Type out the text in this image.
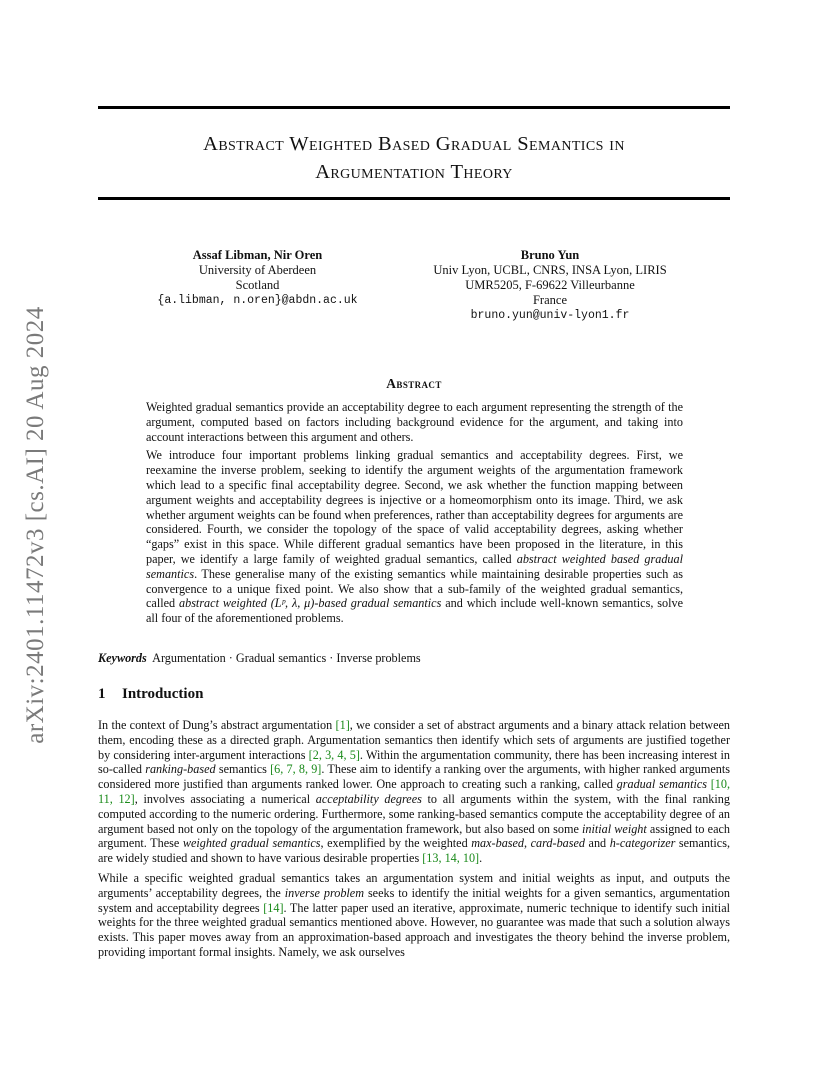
arXiv:2401.11472v3 [cs.AI] 20 Aug 2024
Abstract Weighted Based Gradual Semantics in
Argumentation Theory
Assaf Libman, Nir Oren
University of Aberdeen
Scotland
{a.libman, n.oren}@abdn.ac.uk
Bruno Yun
Univ Lyon, UCBL, CNRS, INSA Lyon, LIRIS
UMR5205, F-69622 Villeurbanne
France
bruno.yun@univ-lyon1.fr
Abstract

Weighted gradual semantics provide an acceptability degree to each argument representing the strength of the argument, computed based on factors including background evidence for the argument, and taking into account interactions between this argument and others.

We introduce four important problems linking gradual semantics and acceptability degrees. First, we reexamine the inverse problem, seeking to identify the argument weights of the argumentation framework which lead to a specific final acceptability degree. Second, we ask whether the function mapping between argument weights and acceptability degrees is injective or a homeomorphism onto its image. Third, we ask whether argument weights can be found when preferences, rather than acceptability degrees for arguments are considered. Fourth, we consider the topology of the space of valid acceptability degrees, asking whether “gaps” exist in this space. While different gradual semantics have been proposed in the literature, in this paper, we identify a large family of weighted gradual semantics, called abstract weighted based gradual semantics. These generalise many of the existing semantics while maintaining desirable properties such as convergence to a unique fixed point. We also show that a sub-family of the weighted gradual semantics, called abstract weighted (Lᵖ, λ, μ)-based gradual semantics and which include well-known semantics, solve all four of the aforementioned problems.

Keywords Argumentation · Gradual semantics · Inverse problems
1 Introduction

In the context of Dung’s abstract argumentation [1], we consider a set of abstract arguments and a binary attack relation between them, encoding these as a directed graph. Argumentation semantics then identify which sets of arguments are justified together by considering inter-argument interactions [2, 3, 4, 5]. Within the argumentation community, there has been increasing interest in so-called ranking-based semantics [6, 7, 8, 9]. These aim to identify a ranking over the arguments, with higher ranked arguments considered more justified than arguments ranked lower. One approach to creating such a ranking, called gradual semantics [10, 11, 12], involves associating a numerical acceptability degrees to all arguments within the system, with the final ranking computed according to the numeric ordering. Furthermore, some ranking-based semantics compute the acceptability degree of an argument based not only on the topology of the argumentation framework, but also based on some initial weight assigned to each argument. These weighted gradual semantics, exemplified by the weighted max-based, card-based and h-categorizer semantics, are widely studied and shown to have various desirable properties [13, 14, 10].

While a specific weighted gradual semantics takes an argumentation system and initial weights as input, and outputs the arguments’ acceptability degrees, the inverse problem seeks to identify the initial weights for a given semantics, argumentation system and acceptability degrees [14]. The latter paper used an iterative, approximate, numeric technique to identify such initial weights for the three weighted gradual semantics mentioned above. However, no guarantee was made that such a solution always exists. This paper moves away from an approximation-based approach and investigates the theory behind the inverse problem, providing important formal insights. Namely, we ask ourselves
